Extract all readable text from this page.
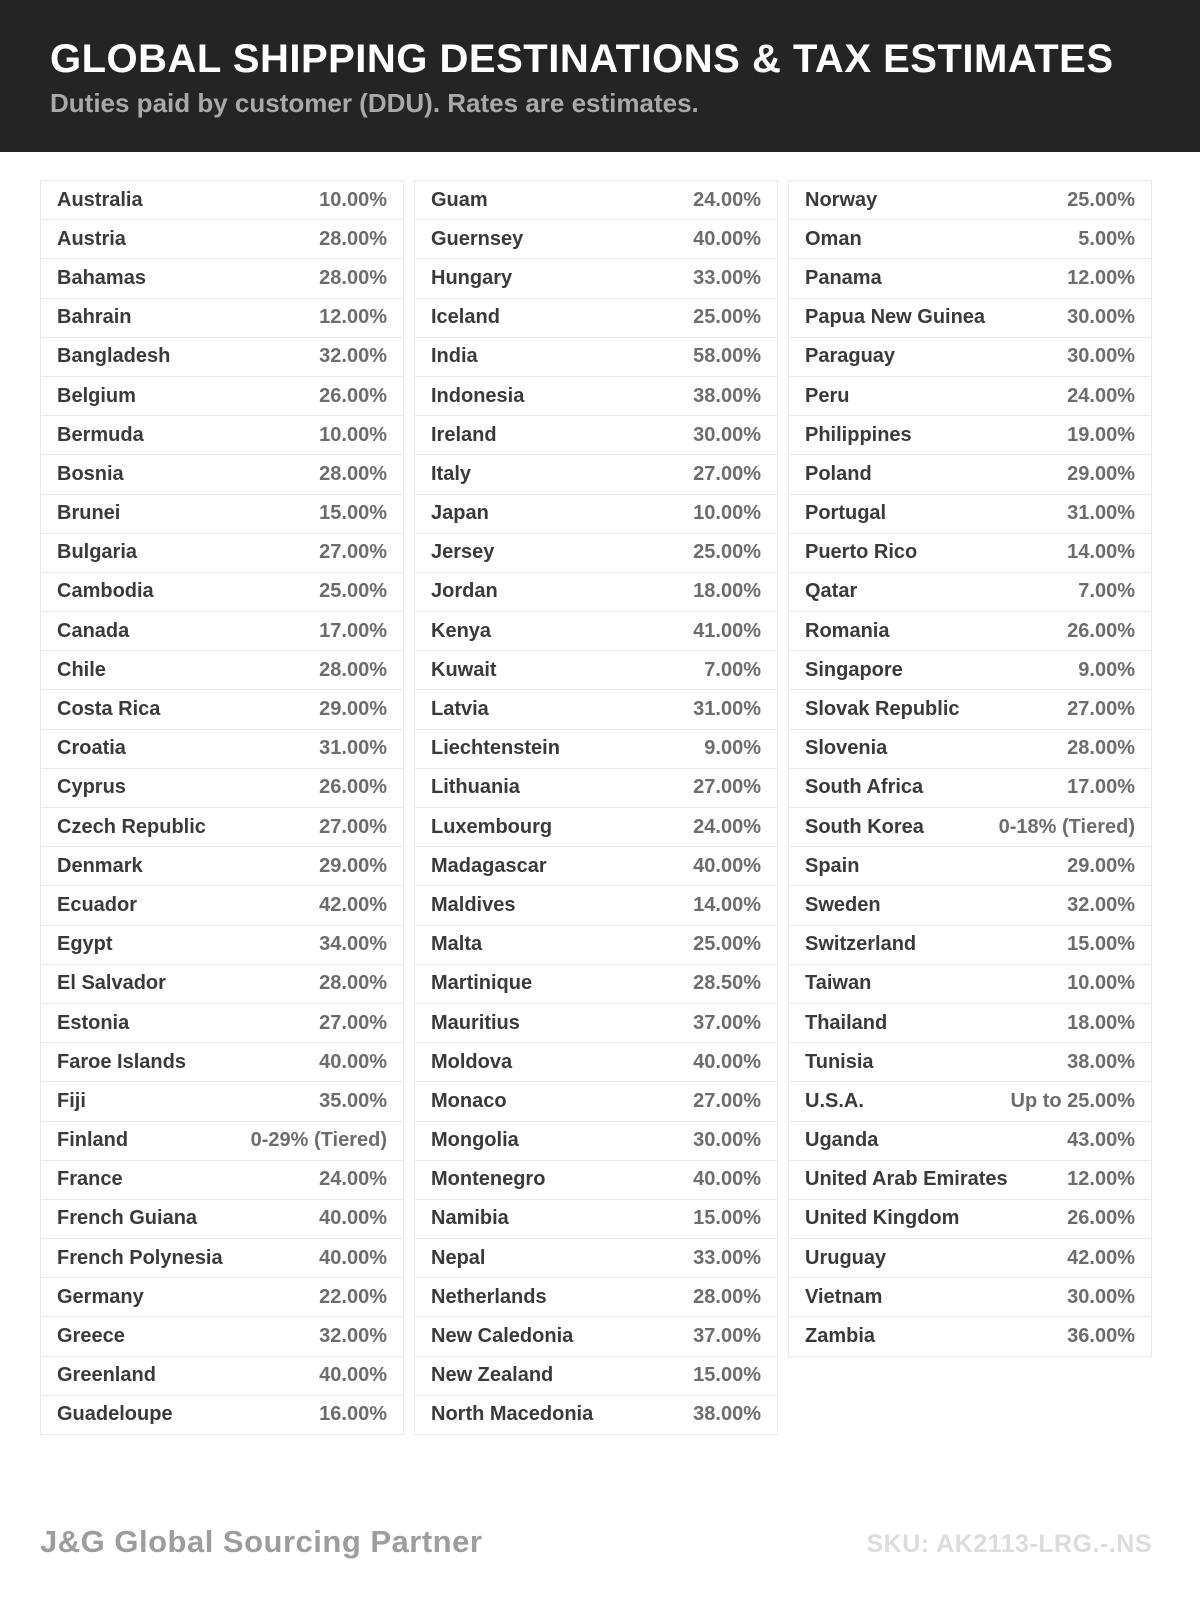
GLOBAL SHIPPING DESTINATIONS & TAX ESTIMATES
Duties paid by customer (DDU). Rates are estimates.
Australia	10.00%
Austria	28.00%
Bahamas	28.00%
Bahrain	12.00%
Bangladesh	32.00%
Belgium	26.00%
Bermuda	10.00%
Bosnia	28.00%
Brunei	15.00%
Bulgaria	27.00%
Cambodia	25.00%
Canada	17.00%
Chile	28.00%
Costa Rica	29.00%
Croatia	31.00%
Cyprus	26.00%
Czech Republic	27.00%
Denmark	29.00%
Ecuador	42.00%
Egypt	34.00%
El Salvador	28.00%
Estonia	27.00%
Faroe Islands	40.00%
Fiji	35.00%
Finland	0-29% (Tiered)
France	24.00%
French Guiana	40.00%
French Polynesia	40.00%
Germany	22.00%
Greece	32.00%
Greenland	40.00%
Guadeloupe	16.00%
Guam	24.00%
Guernsey	40.00%
Hungary	33.00%
Iceland	25.00%
India	58.00%
Indonesia	38.00%
Ireland	30.00%
Italy	27.00%
Japan	10.00%
Jersey	25.00%
Jordan	18.00%
Kenya	41.00%
Kuwait	7.00%
Latvia	31.00%
Liechtenstein	9.00%
Lithuania	27.00%
Luxembourg	24.00%
Madagascar	40.00%
Maldives	14.00%
Malta	25.00%
Martinique	28.50%
Mauritius	37.00%
Moldova	40.00%
Monaco	27.00%
Mongolia	30.00%
Montenegro	40.00%
Namibia	15.00%
Nepal	33.00%
Netherlands	28.00%
New Caledonia	37.00%
New Zealand	15.00%
North Macedonia	38.00%
Norway	25.00%
Oman	5.00%
Panama	12.00%
Papua New Guinea	30.00%
Paraguay	30.00%
Peru	24.00%
Philippines	19.00%
Poland	29.00%
Portugal	31.00%
Puerto Rico	14.00%
Qatar	7.00%
Romania	26.00%
Singapore	9.00%
Slovak Republic	27.00%
Slovenia	28.00%
South Africa	17.00%
South Korea	0-18% (Tiered)
Spain	29.00%
Sweden	32.00%
Switzerland	15.00%
Taiwan	10.00%
Thailand	18.00%
Tunisia	38.00%
U.S.A.	Up to 25.00%
Uganda	43.00%
United Arab Emirates	12.00%
United Kingdom	26.00%
Uruguay	42.00%
Vietnam	30.00%
Zambia	36.00%
J&G Global Sourcing Partner	SKU: AK2113-LRG.-.NS
